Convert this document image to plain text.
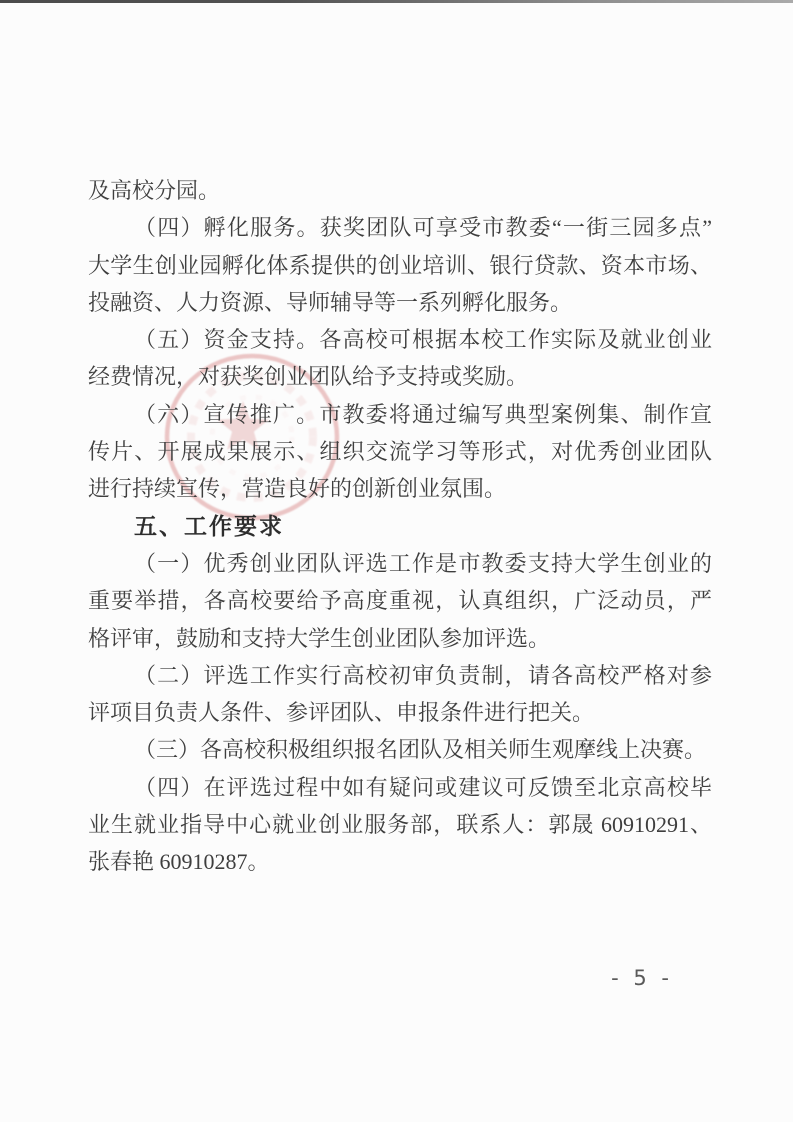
及高校分园。
（四）孵化服务。获奖团队可享受市教委“一街三园多点”
大学生创业园孵化体系提供的创业培训、银行贷款、资本市场、
投融资、人力资源、导师辅导等一系列孵化服务。
（五）资金支持。各高校可根据本校工作实际及就业创业
经费情况，对获奖创业团队给予支持或奖励。
（六）宣传推广。市教委将通过编写典型案例集、制作宣
传片、开展成果展示、组织交流学习等形式，对优秀创业团队
进行持续宣传，营造良好的创新创业氛围。
五、工作要求
（一）优秀创业团队评选工作是市教委支持大学生创业的
重要举措，各高校要给予高度重视，认真组织，广泛动员，严
格评审，鼓励和支持大学生创业团队参加评选。
（二）评选工作实行高校初审负责制，请各高校严格对参
评项目负责人条件、参评团队、申报条件进行把关。
（三）各高校积极组织报名团队及相关师生观摩线上决赛。
（四）在评选过程中如有疑问或建议可反馈至北京高校毕
业生就业指导中心就业创业服务部，联系人：郭晟 60910291、
张春艳 60910287。
- 5 -
